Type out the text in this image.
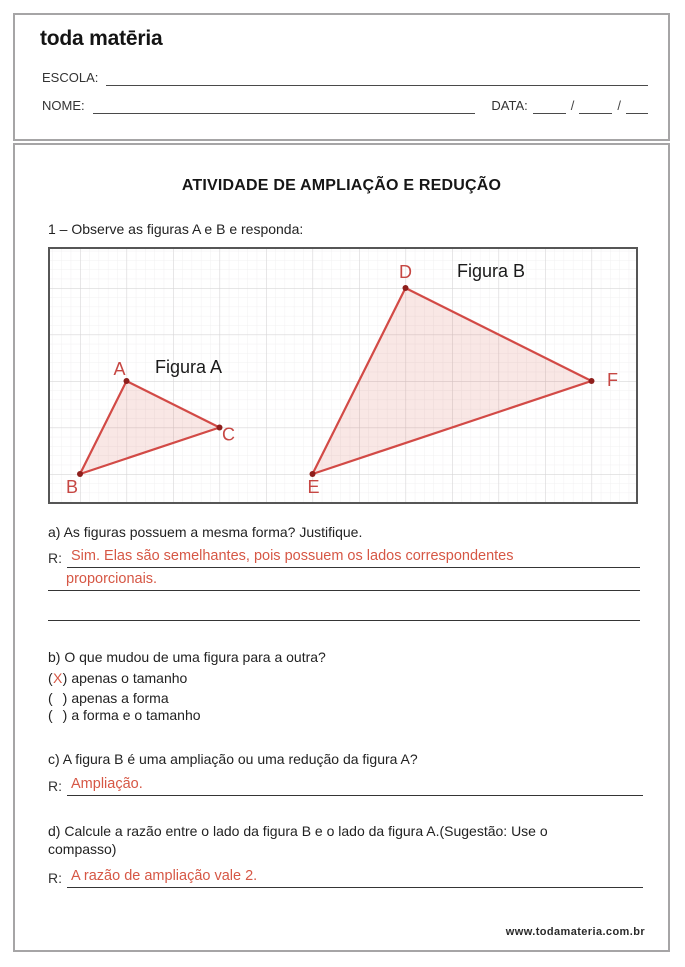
toda matēria
ESCOLA:
NOME:	DATA:	/	/
ATIVIDADE DE AMPLIAÇÃO E REDUÇÃO
1 – Observe as figuras A e B e responda:
A
B
C
D
E
F
Figura A
Figura B
a) As figuras possuem a mesma forma? Justifique.
R: Sim. Elas são semelhantes, pois possuem os lados correspondentes
proporcionais.
b) O que mudou de uma figura para a outra?
(X) apenas o tamanho
( ) apenas a forma
( ) a forma e o tamanho
c) A figura B é uma ampliação ou uma redução da figura A?
R: Ampliação.
d) Calcule a razão entre o lado da figura B e o lado da figura A.(Sugestão: Use o compasso)
R: A razão de ampliação vale 2.
www.todamateria.com.br
